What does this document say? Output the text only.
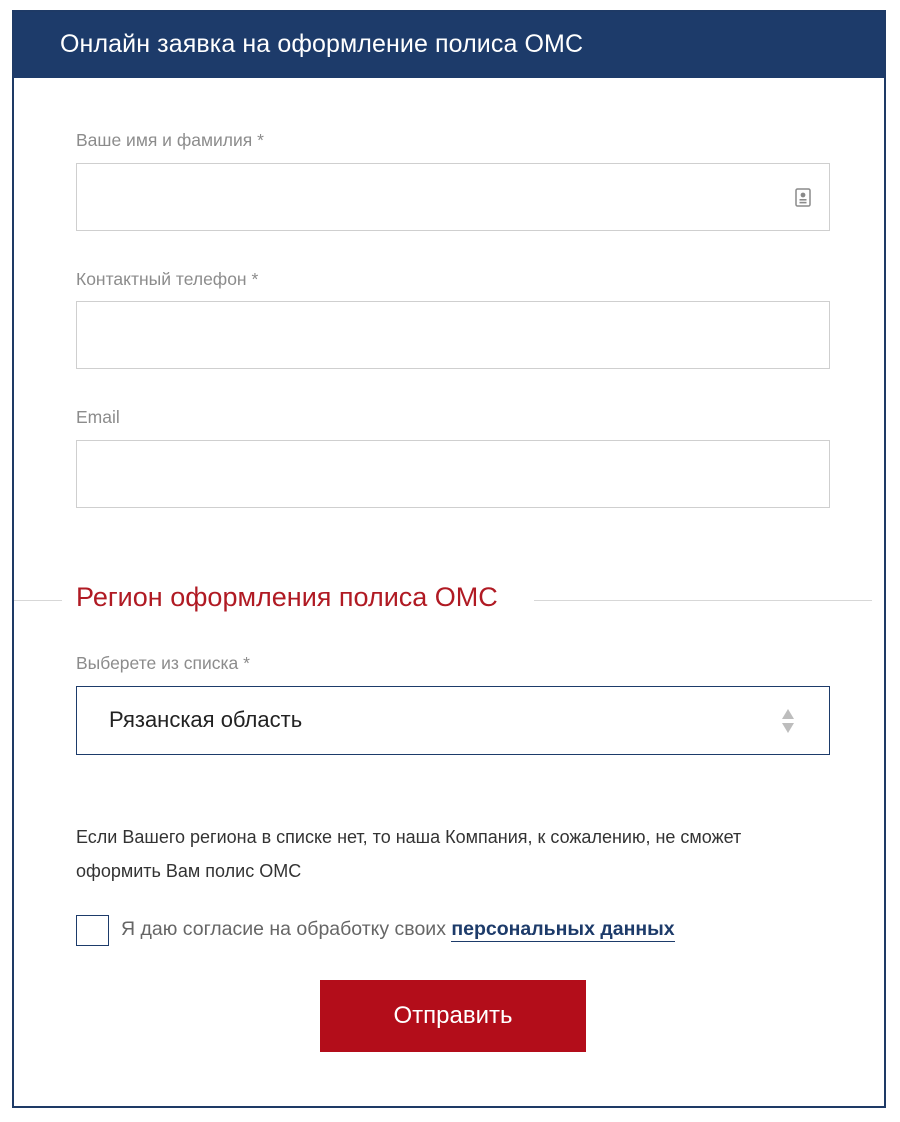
Онлайн заявка на оформление полиса ОМС
Ваше имя и фамилия *
Контактный телефон *
Email
Регион оформления полиса ОМС
Выберете из списка *
Рязанская область
Если Вашего региона в списке нет, то наша Компания, к сожалению, не сможет оформить Вам полис ОМС
Я даю согласие на обработку своих персональных данных
Отправить
